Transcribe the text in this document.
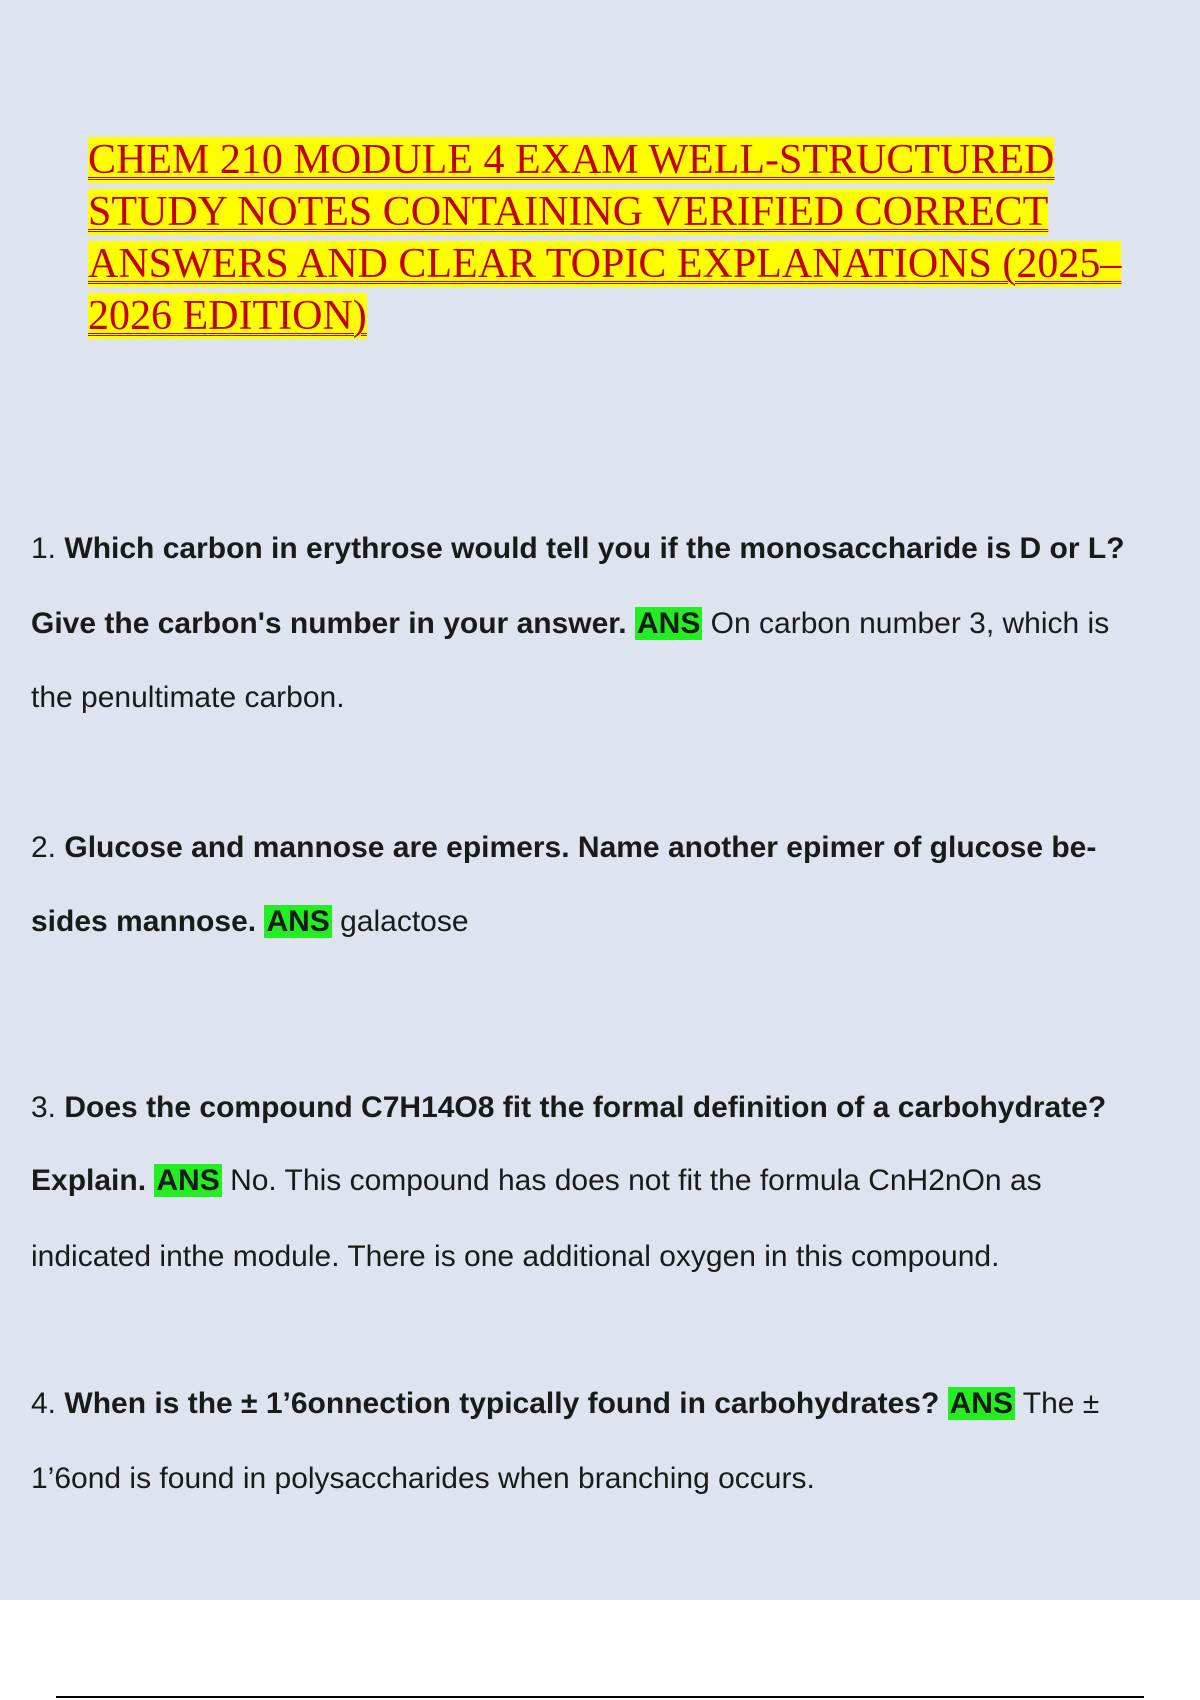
CHEM 210 MODULE 4 EXAM WELL-STRUCTURED
STUDY NOTES CONTAINING VERIFIED CORRECT
ANSWERS AND CLEAR TOPIC EXPLANATIONS (2025–
2026 EDITION)

1. Which carbon in erythrose would tell you if the monosaccharide is D or L?

Give the carbon's number in your answer. ANS On carbon number 3, which is

the penultimate carbon.

2. Glucose and mannose are epimers. Name another epimer of glucose be-

sides mannose. ANS galactose

3. Does the compound C7H14O8 fit the formal definition of a carbohydrate?

Explain. ANS No. This compound has does not fit the formula CnH2nOn as

indicated inthe module. There is one additional oxygen in this compound.

4. When is the ± 1’6onnection typically found in carbohydrates? ANS The ±

1’6ond is found in polysaccharides when branching occurs.
